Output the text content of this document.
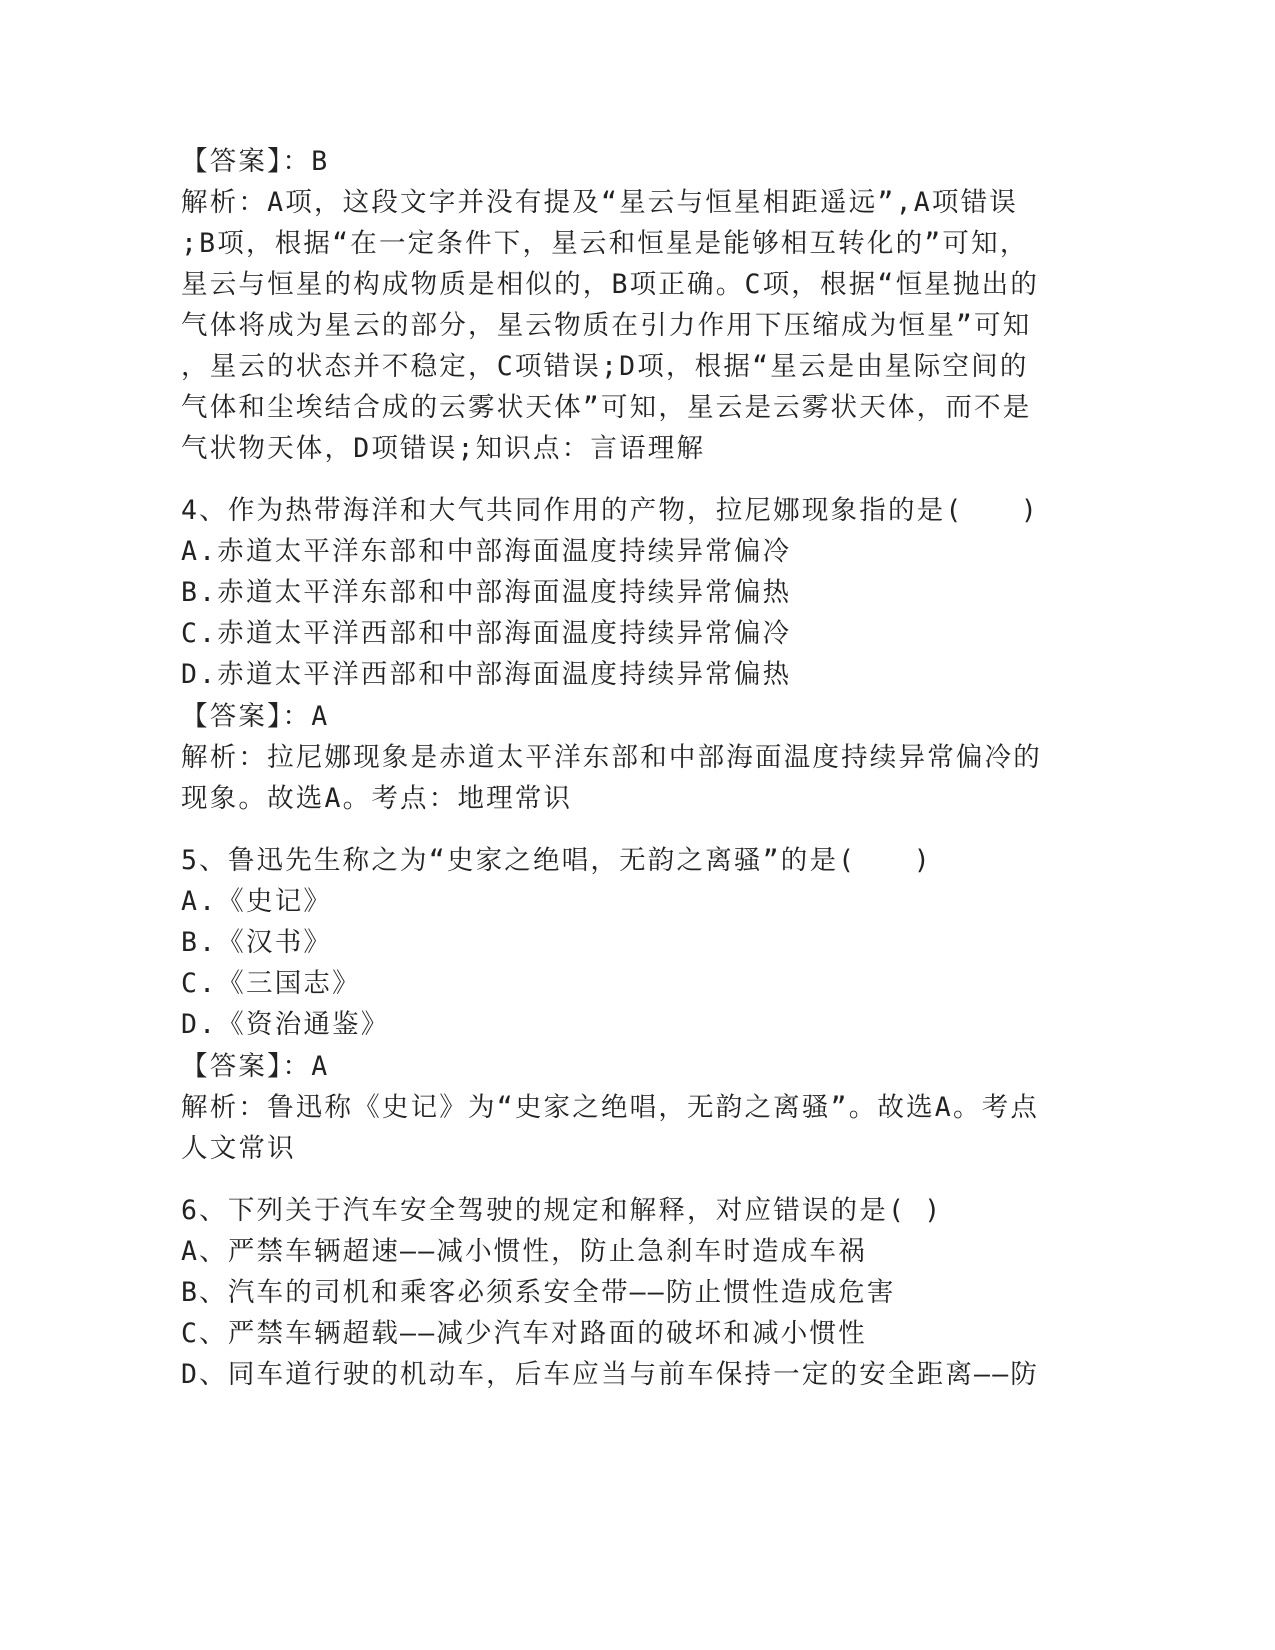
【答案】：B
解析：A项，这段文字并没有提及“星云与恒星相距遥远”,A项错误
;B项，根据“在一定条件下，星云和恒星是能够相互转化的”可知，
星云与恒星的构成物质是相似的，B项正确。C项，根据“恒星抛出的
气体将成为星云的部分，星云物质在引力作用下压缩成为恒星”可知
，星云的状态并不稳定，C项错误;D项，根据“星云是由星际空间的
气体和尘埃结合成的云雾状天体”可知，星云是云雾状天体，而不是
气状物天体，D项错误;知识点：言语理解
4、作为热带海洋和大气共同作用的产物，拉尼娜现象指的是(　　)
A.赤道太平洋东部和中部海面温度持续异常偏冷
B.赤道太平洋东部和中部海面温度持续异常偏热
C.赤道太平洋西部和中部海面温度持续异常偏冷
D.赤道太平洋西部和中部海面温度持续异常偏热
【答案】：A
解析：拉尼娜现象是赤道太平洋东部和中部海面温度持续异常偏冷的
现象。故选A。考点：地理常识
5、鲁迅先生称之为“史家之绝唱，无韵之离骚”的是(　　)
A.《史记》
B.《汉书》
C.《三国志》
D.《资治通鉴》
【答案】：A
解析：鲁迅称《史记》为“史家之绝唱，无韵之离骚”。故选A。考点
人文常识
6、下列关于汽车安全驾驶的规定和解释，对应错误的是( )
A、严禁车辆超速——减小惯性，防止急刹车时造成车祸
B、汽车的司机和乘客必须系安全带——防止惯性造成危害
C、严禁车辆超载——减少汽车对路面的破坏和减小惯性
D、同车道行驶的机动车，后车应当与前车保持一定的安全距离——防
